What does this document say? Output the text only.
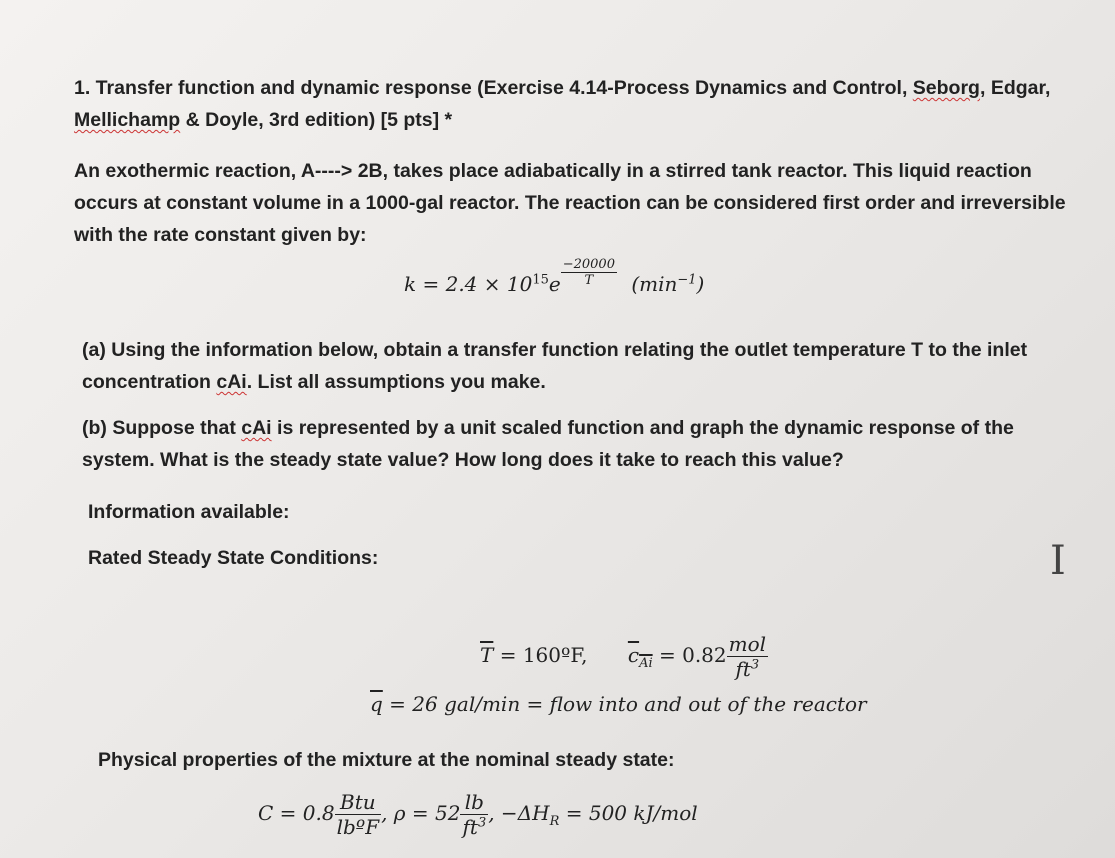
1. Transfer function and dynamic response (Exercise 4.14-Process Dynamics and Control, Seborg, Edgar, Mellichamp & Doyle, 3rd edition) [5 pts] *
An exothermic reaction, A----> 2B, takes place adiabatically in a stirred tank reactor. This liquid reaction occurs at constant volume in a 1000-gal reactor. The reaction can be considered first order and irreversible with the rate constant given by:
$k = 2.4 \times 10^{15}e \frac{-20000}{T} (\min^{-1})$
(a) Using the information below, obtain a transfer function relating the outlet temperature T to the inlet concentration cAi. List all assumptions you make.
(b) Suppose that cAi is represented by a unit scaled function and graph the dynamic response of the system. What is the steady state value? How long does it take to reach this value?
Information available:
Rated Steady State Conditions:	I
$\overline{T}$ = 160ºF, $c_{Ai} = 0.82 \frac{\text{mol}}{ft^3}$
$\overline{q} = 26$ gal/min = flow into and out of the reactor
Physical properties of the mixture at the nominal steady state:
$C = 0.8 \frac{\text{Btu}}{\text{lbºF}}$ , $\rho = 52 \frac{lb}{ft^3}$ , $-\Delta H_R = 500$ kJ/mol
